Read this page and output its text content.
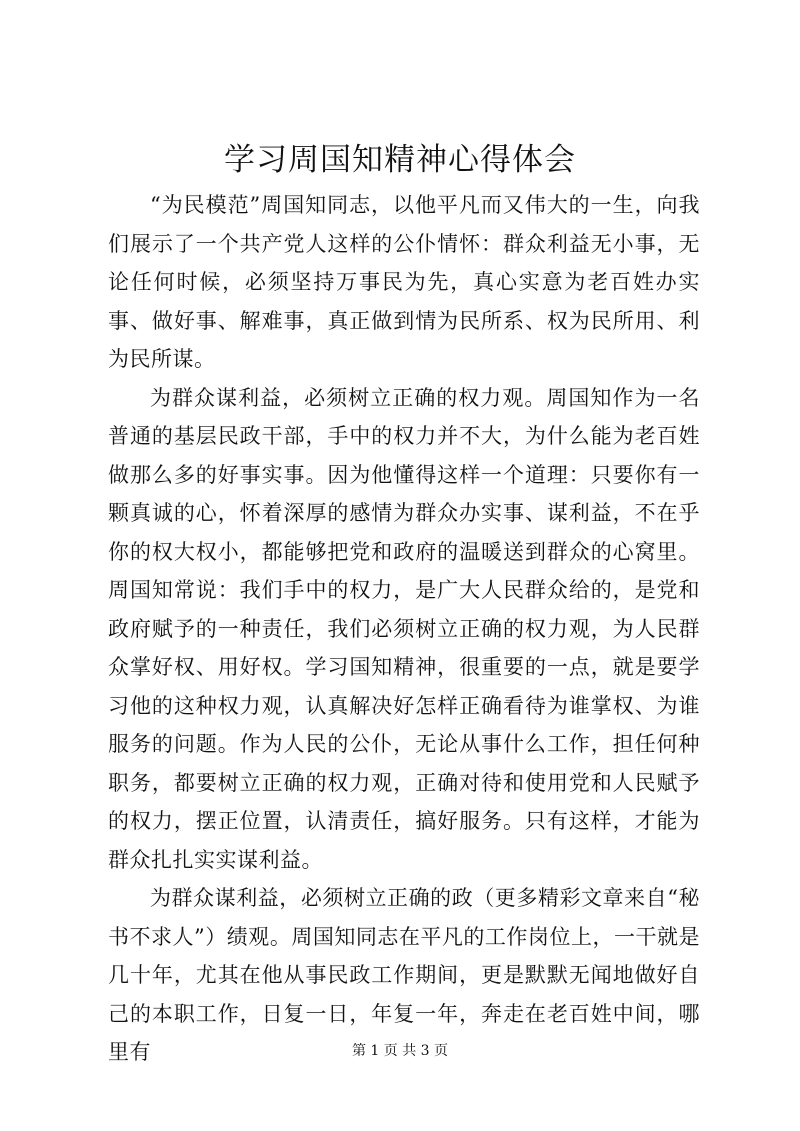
学习周国知精神心得体会

“为民模范”周国知同志，以他平凡而又伟大的一生，向我们展示了一个共产党人这样的公仆情怀：群众利益无小事，无论任何时候，必须坚持万事民为先，真心实意为老百姓办实事、做好事、解难事，真正做到情为民所系、权为民所用、利为民所谋。

为群众谋利益，必须树立正确的权力观。周国知作为一名普通的基层民政干部，手中的权力并不大，为什么能为老百姓做那么多的好事实事。因为他懂得这样一个道理：只要你有一颗真诚的心，怀着深厚的感情为群众办实事、谋利益，不在乎你的权大权小，都能够把党和政府的温暖送到群众的心窝里。周国知常说：我们手中的权力，是广大人民群众给的，是党和政府赋予的一种责任，我们必须树立正确的权力观，为人民群众掌好权、用好权。学习国知精神，很重要的一点，就是要学习他的这种权力观，认真解决好怎样正确看待为谁掌权、为谁服务的问题。作为人民的公仆，无论从事什么工作，担任何种职务，都要树立正确的权力观，正确对待和使用党和人民赋予的权力，摆正位置，认清责任，搞好服务。只有这样，才能为群众扎扎实实谋利益。

为群众谋利益，必须树立正确的政（更多精彩文章来自“秘书不求人”）绩观。周国知同志在平凡的工作岗位上，一干就是几十年，尤其在他从事民政工作期间，更是默默无闻地做好自己的本职工作，日复一日，年复一年，奔走在老百姓中间，哪里有	第 1 页 共 3 页
